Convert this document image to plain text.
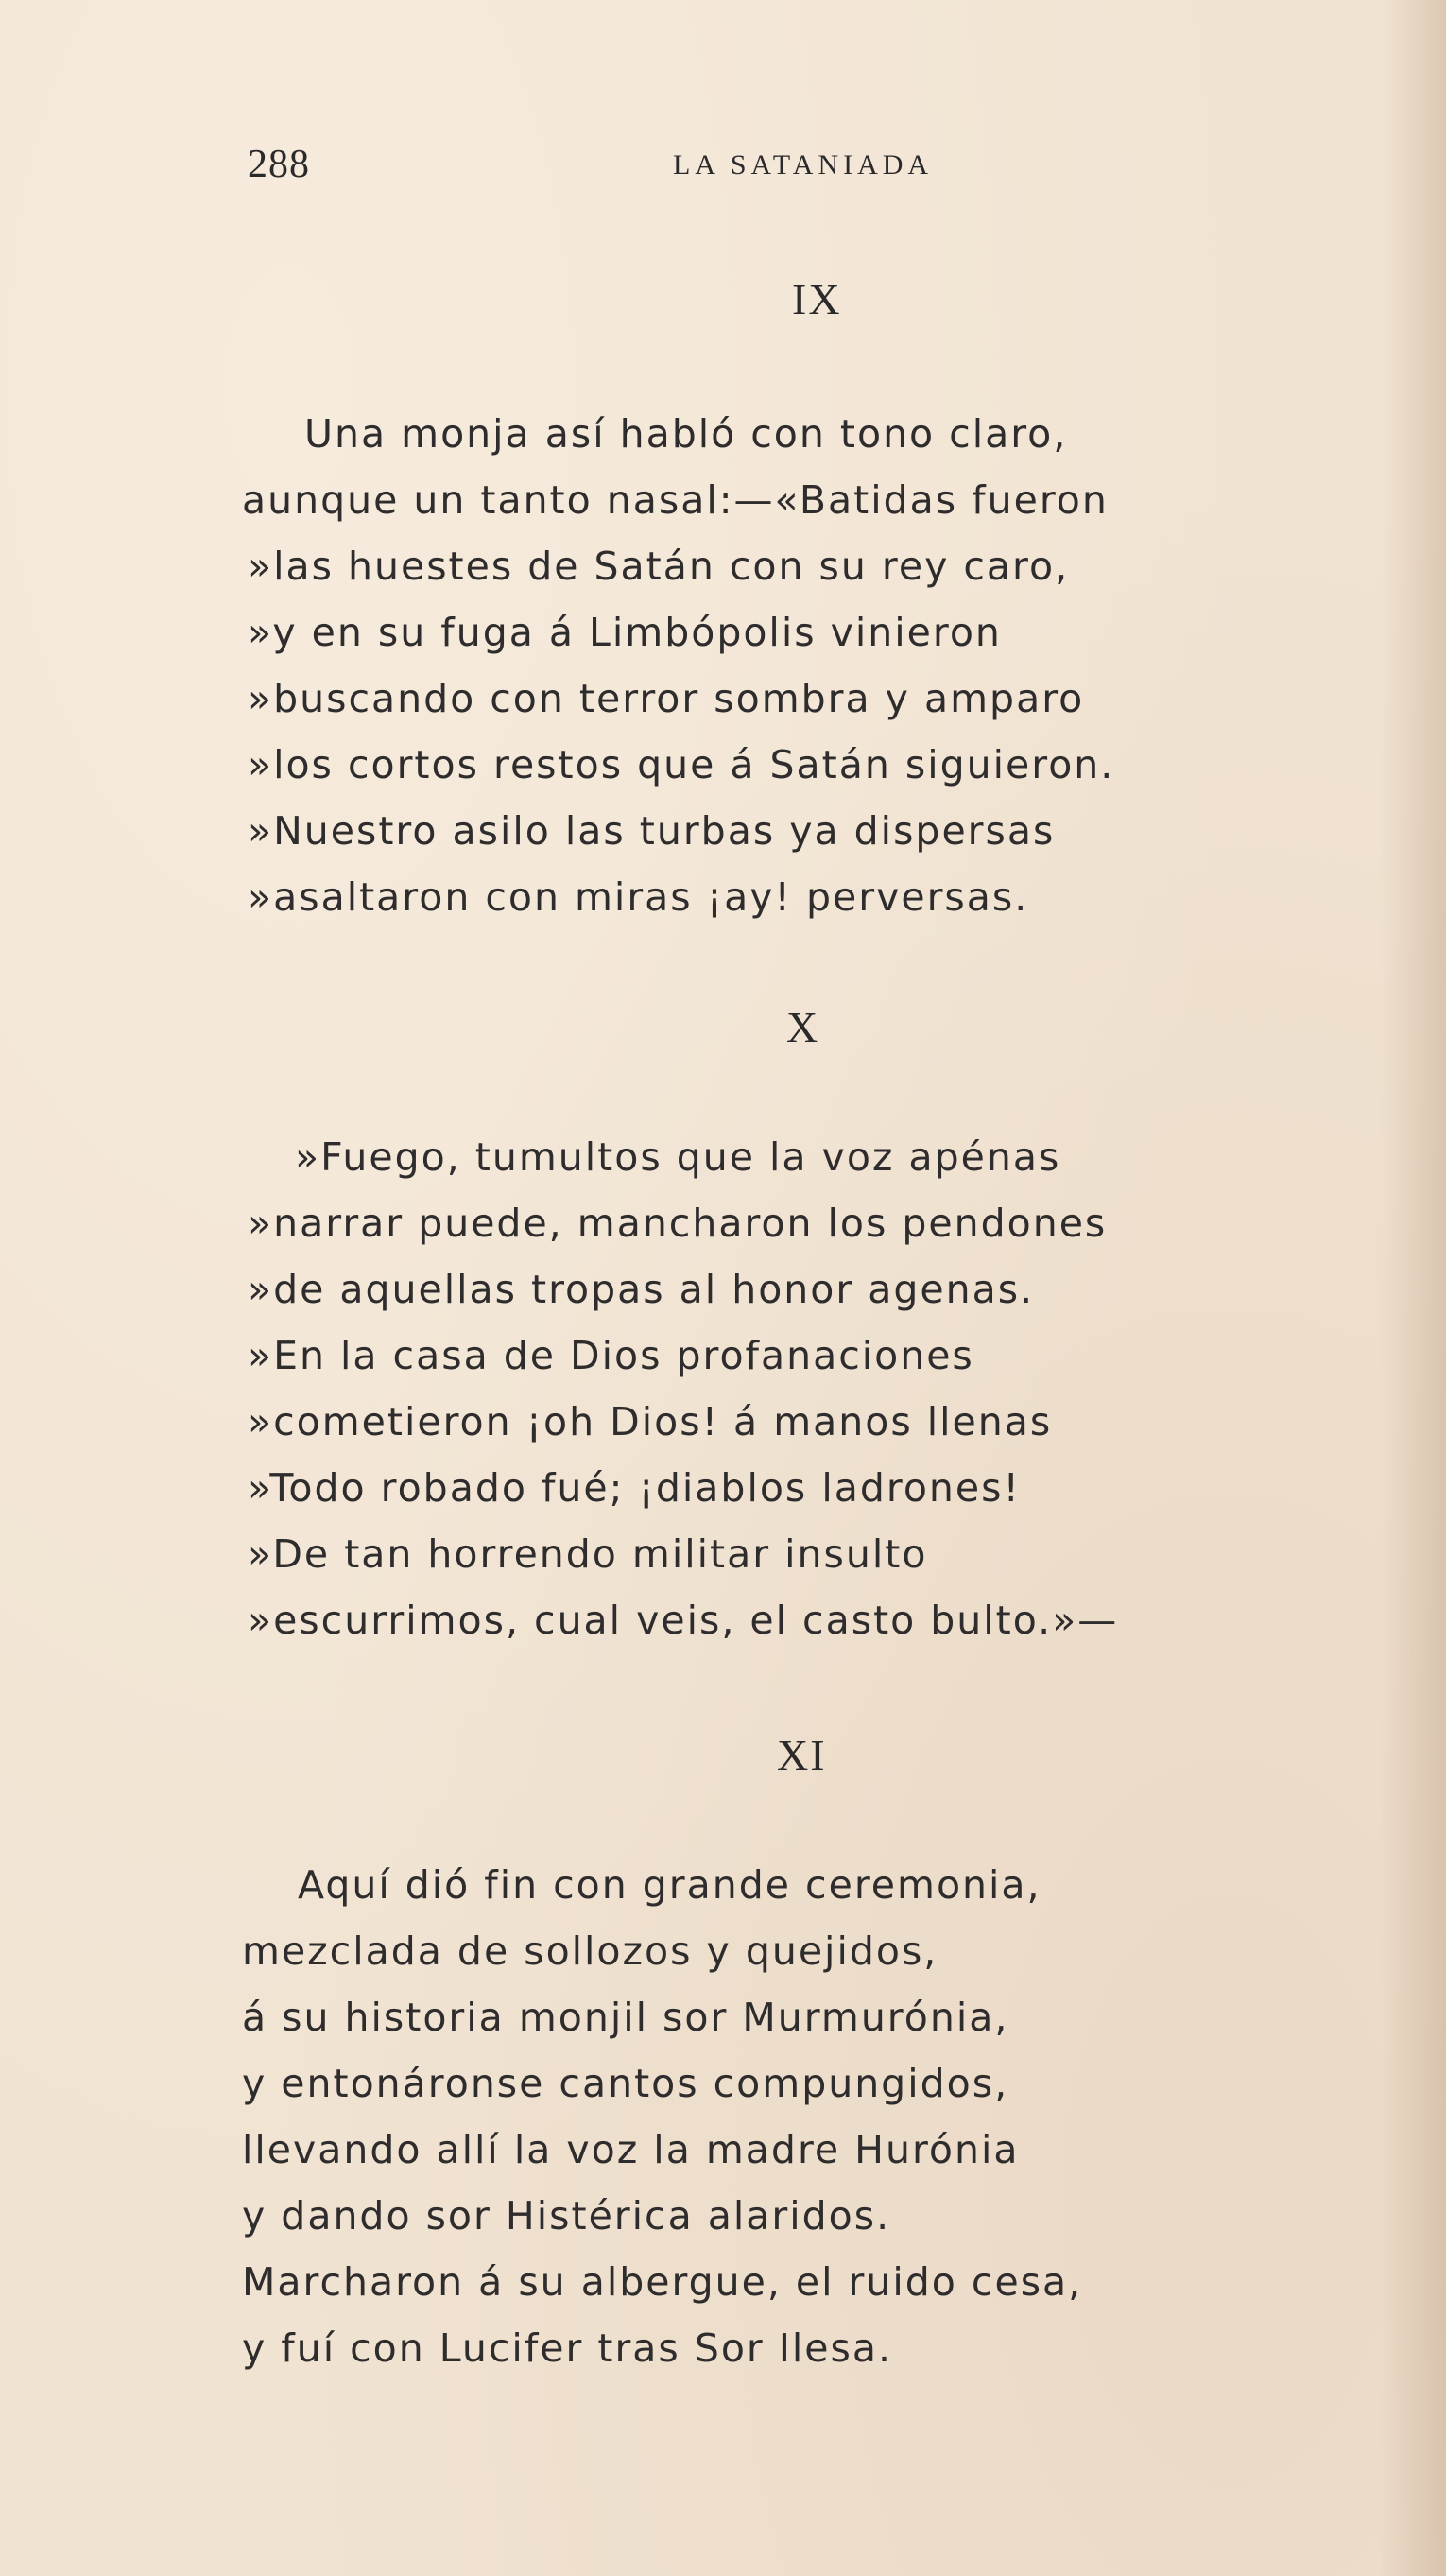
288	LA SATANIADA
IX
Una monja así habló con tono claro,
aunque un tanto nasal:—«Batidas fueron
»las huestes de Satán con su rey caro,
»y en su fuga á Limbópolis vinieron
»buscando con terror sombra y amparo
»los cortos restos que á Satán siguieron.
»Nuestro asilo las turbas ya dispersas
»asaltaron con miras ¡ay! perversas.
X
»Fuego, tumultos que la voz apénas
»narrar puede, mancharon los pendones
»de aquellas tropas al honor agenas.
»En la casa de Dios profanaciones
»cometieron ¡oh Dios! á manos llenas
»Todo robado fué; ¡diablos ladrones!
»De tan horrendo militar insulto
»escurrimos, cual veis, el casto bulto.»—
XI
Aquí dió fin con grande ceremonia,
mezclada de sollozos y quejidos,
á su historia monjil sor Murmurónia,
y entonáronse cantos compungidos,
llevando allí la voz la madre Hurónia
y dando sor Histérica alaridos.
Marcharon á su albergue, el ruido cesa,
y fuí con Lucifer tras Sor Ilesa.
